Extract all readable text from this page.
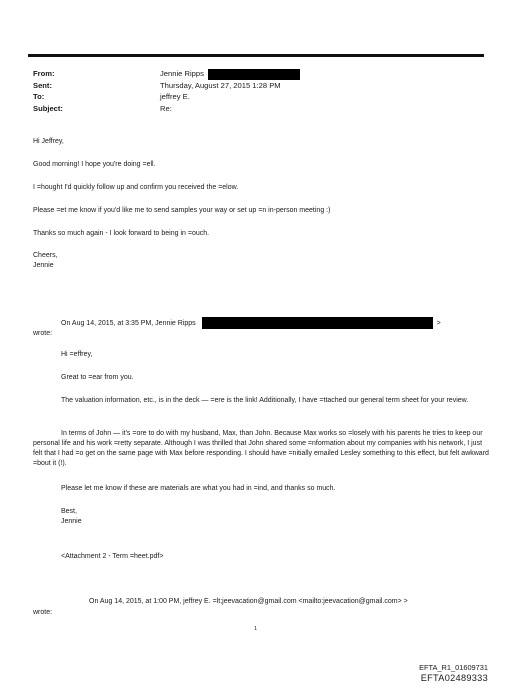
From:	Jennie Ripps
Sent:	Thursday, August 27, 2015 1:28 PM
To:	jeffrey E.
Subject:	Re:
Hi Jeffrey,
Good morning! I hope you're doing =ell.
I =hought I'd quickly follow up and confirm you received the =elow.
Please =et me know if you'd like me to send samples your way or set up =n in-person meeting :)
Thanks so much again - I look forward to being in =ouch.
Cheers,
Jennie
On Aug 14, 2015, at 3:35 PM, Jennie Ripps	>
wrote:
Hi =effrey,
Great to =ear from you.
The valuation information, etc., is in the deck — =ere is the link! Additionally, I have =ttached our general term sheet for your review.
In terms of John — it's =ore to do with my husband, Max, than John. Because Max works so =losely with his parents he tries to keep our personal life and his work =retty separate. Although I was thrilled that John shared some =nformation about my companies with his network, I just felt that I had =o get on the same page with Max before responding. I should have =nitially emailed Lesley something to this effect, but felt awkward =bout it (!).
Please let me know if these are materials are what you had in =ind, and thanks so much.
Best,
Jennie
<Attachment 2 - Term =heet.pdf>
On Aug 14, 2015, at 1:00 PM, jeffrey E. =lt;jeevacation@gmail.com <mailto:jeevacation@gmail.com> >
wrote:
1
EFTA_R1_01609731
EFTA02489333
